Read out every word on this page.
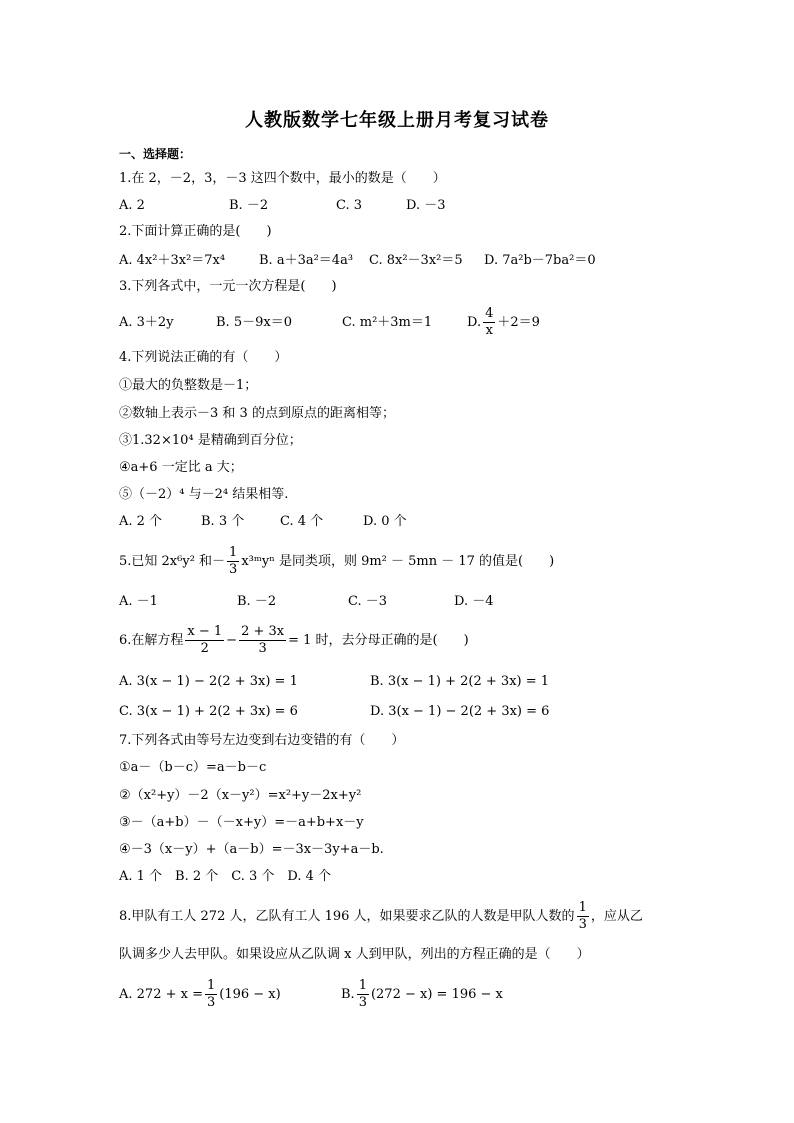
人教版数学七年级上册月考复习试卷
一、选择题：
1.在 2，－2，3，－3 这四个数中，最小的数是（　　）
A. 2	B. －2	C. 3	D. －3
2.下面计算正确的是(　　)
A. 4x²＋3x²＝7x⁴	B. a＋3a²＝4a³ C. 8x²－3x²＝5 D. 7a²b－7ba²＝0
3.下列各式中，一元一次方程是(　　)
A. 3＋2y	B. 5－9x＝0	C. m²＋3m＝1	D. $\frac{4}{x} +2=9$
4.下列说法正确的有（　　）
①最大的负整数是－1；
②数轴上表示－3 和 3 的点到原点的距离相等；
③1.32×10⁴ 是精确到百分位；
④a+6 一定比 a 大；
⑤（－2）⁴ 与－2⁴ 结果相等.
A. 2 个	B. 3 个	C. 4 个	D. 0 个
5.已知 2x⁶y² 和－ $\frac{1}{3}$ x³ᵐyⁿ 是同类项，则 9m² － 5mn － 17 的值是(　　)
A. －1	B. －2	C. －3	D. －4
6.在解方程 $\frac{x - 1}{2} - \frac{2 + 3x}{3} = 1$ 时，去分母正确的是(　　)
A. 3(x − 1) − 2(2 + 3x) = 1	B. 3(x − 1) + 2(2 + 3x) = 1
C. 3(x − 1) + 2(2 + 3x) = 6	D. 3(x − 1) − 2(2 + 3x) = 6
7.下列各式由等号左边变到右边变错的有（　　）
①a－（b－c）=a－b－c
②（x²+y）－2（x－y²）=x²+y－2x+y²
③－（a+b）－（－x+y）=－a+b+x－y
④－3（x－y）+（a－b）=－3x－3y+a－b.
A. 1 个　B. 2 个　C. 3 个　D. 4 个
8.甲队有工人 272 人，乙队有工人 196 人，如果要求乙队的人数是甲队人数的 $\frac{1}{3}$ ，应从乙
队调多少人去甲队。如果设应从乙队调 x 人到甲队，列出的方程正确的是（　　）
A. $272 + x = \frac{1}{3} (196 - x)$	B. $\frac{1}{3} (272 - x) = 196 - x$
